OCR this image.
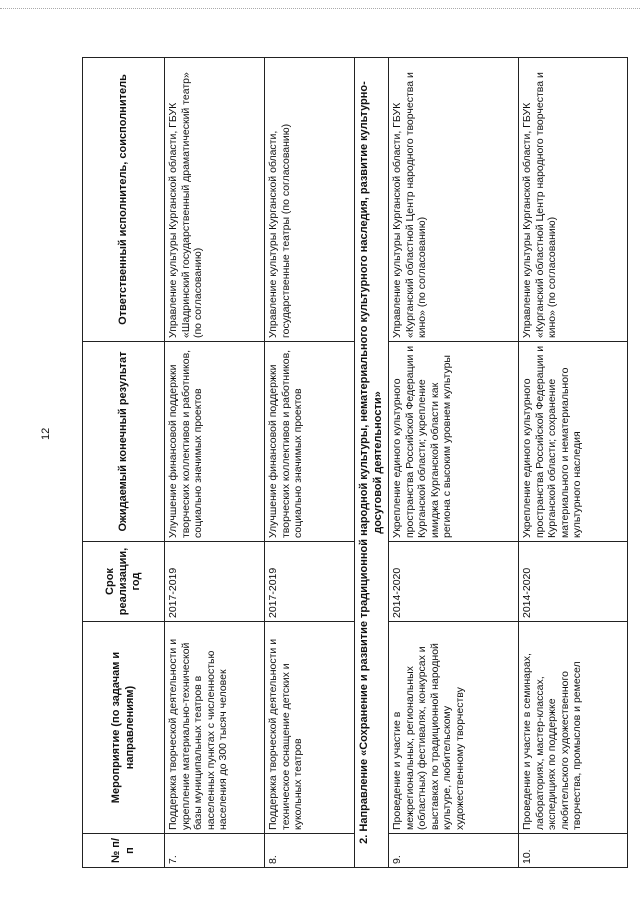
12
№ п/п	Мероприятие (по задачам и направлениям)	Срок реализации, год	Ожидаемый конечный результат	Ответственный исполнитель, соисполнитель
7.	Поддержка творческой деятельности и укрепление материально-технической базы муниципальных театров в населенных пунктах с численностью населения до 300 тысяч человек	2017-2019	Улучшение финансовой поддержки творческих коллективов и работников, социально значимых проектов	Управление культуры Курганской области, ГБУК «Шадринский государственный драматический театр» (по согласованию)
8.	Поддержка творческой деятельности и техническое оснащение детских и кукольных театров	2017-2019	Улучшение финансовой поддержки творческих коллективов и работников, социально значимых проектов	Управление культуры Курганской области, государственные театры (по согласованию)
2. Направление «Сохранение и развитие традиционной народной культуры, нематериального культурного наследия, развитие культурно-досуговой деятельности»				
9.	Проведение и участие в межрегиональных, региональных (областных) фестивалях, конкурсах и выставках по традиционной народной культуре, любительскому художественному творчеству	2014-2020	Укрепление единого культурного пространства Российской Федерации и Курганской области; укрепление имиджа Курганской области как региона с высоким уровнем культуры	Управление культуры Курганской области, ГБУК «Курганский областной Центр народного творчества и кино» (по согласованию)
10.	Проведение и участие в семинарах, лабораториях, мастер-классах, экспедициях по поддержке любительского художественного творчества, промыслов и ремесел	2014-2020	Укрепление единого культурного пространства Российской Федерации и Курганской области; сохранение материального и нематериального культурного наследия	Управление культуры Курганской области, ГБУК «Курганский областной Центр народного творчества и кино» (по согласованию)
